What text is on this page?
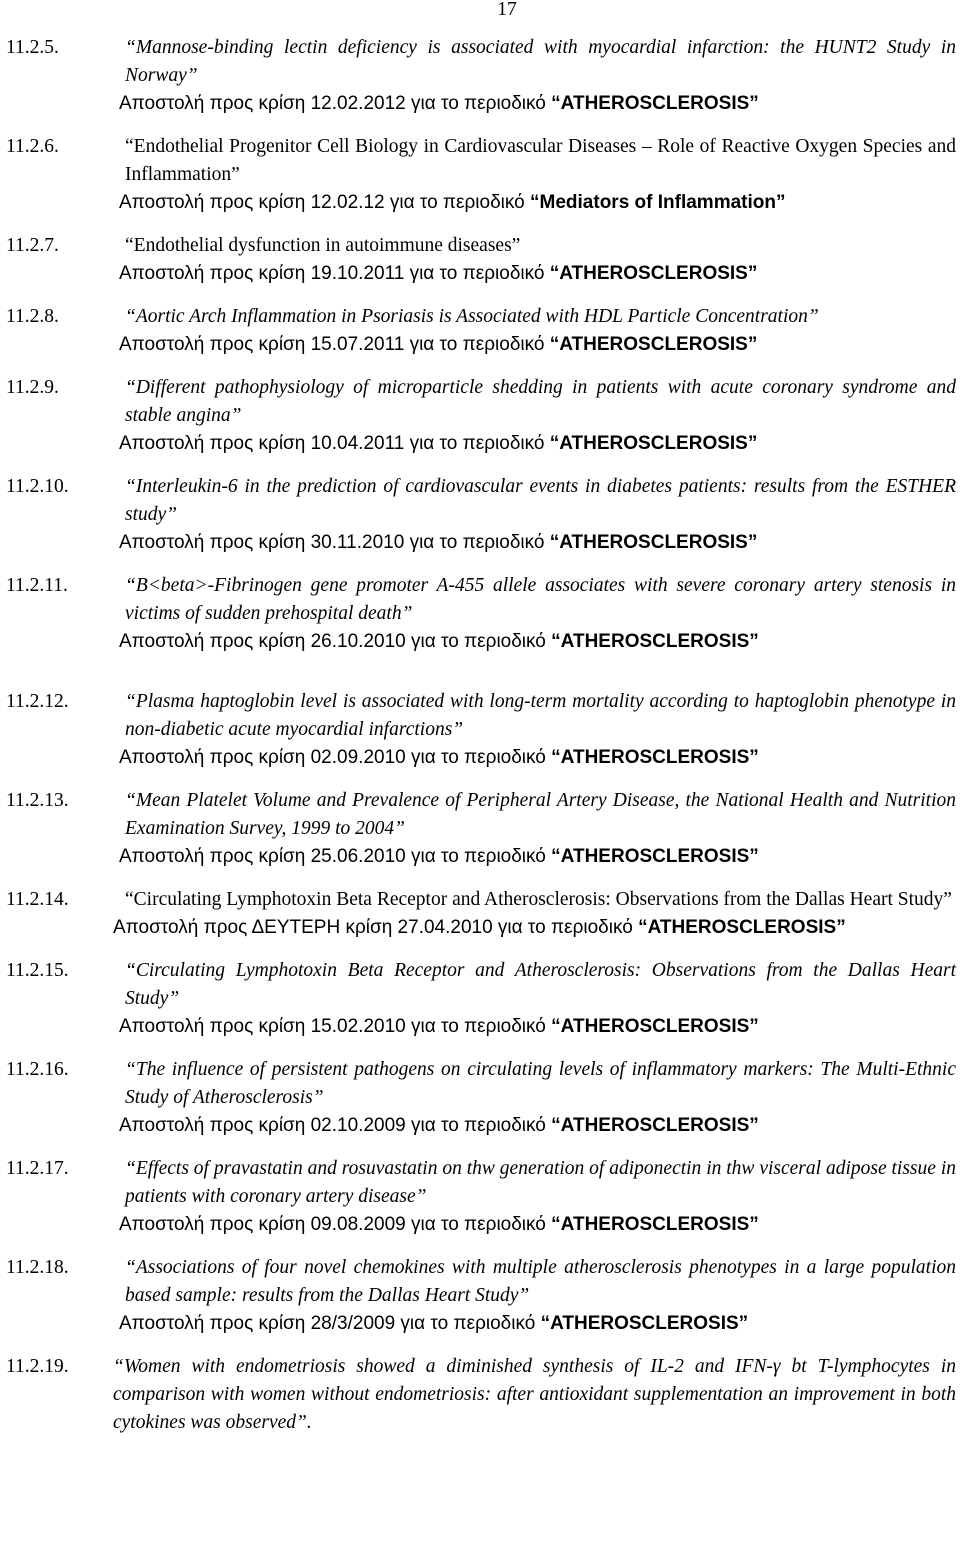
17
11.2.5.	“Mannose-binding lectin deficiency is associated with myocardial infarction: the HUNT2 Study in Norway”
Αποστολή προς κρίση 12.02.2012 για το περιοδικό “ATHEROSCLEROSIS”
11.2.6.	“Endothelial Progenitor Cell Biology in Cardiovascular Diseases – Role of Reactive Oxygen Species and Inflammation”
Αποστολή προς κρίση 12.02.12 για το περιοδικό “Mediators of Inflammation”
11.2.7.	“Endothelial dysfunction in autoimmune diseases”
Αποστολή προς κρίση 19.10.2011 για το περιοδικό “ATHEROSCLEROSIS”
11.2.8.	“Aortic Arch Inflammation in Psoriasis is Associated with HDL Particle Concentration”
Αποστολή προς κρίση 15.07.2011 για το περιοδικό “ATHEROSCLEROSIS”
11.2.9.	“Different pathophysiology of microparticle shedding in patients with acute coronary syndrome and stable angina”
Αποστολή προς κρίση 10.04.2011 για το περιοδικό “ATHEROSCLEROSIS”
11.2.10.	“Interleukin-6 in the prediction of cardiovascular events in diabetes patients: results from the ESTHER study”
Αποστολή προς κρίση 30.11.2010 για το περιοδικό “ATHEROSCLEROSIS”
11.2.11.	“B<beta>-Fibrinogen gene promoter A-455 allele associates with severe coronary artery stenosis in victims of sudden prehospital death”
Αποστολή προς κρίση 26.10.2010 για το περιοδικό “ATHEROSCLEROSIS”
11.2.12.	“Plasma haptoglobin level is associated with long-term mortality according to haptoglobin phenotype in non-diabetic acute myocardial infarctions”
Αποστολή προς κρίση 02.09.2010 για το περιοδικό “ATHEROSCLEROSIS”
11.2.13.	“Mean Platelet Volume and Prevalence of Peripheral Artery Disease, the National Health and Nutrition Examination Survey, 1999 to 2004”
Αποστολή προς κρίση 25.06.2010 για το περιοδικό “ATHEROSCLEROSIS”
11.2.14.	“Circulating Lymphotoxin Beta Receptor and Atherosclerosis: Observations from the Dallas Heart Study”
Αποστολή προς ΔΕΥΤΕΡΗ κρίση 27.04.2010 για το περιοδικό “ATHEROSCLEROSIS”
11.2.15.	“Circulating Lymphotoxin Beta Receptor and Atherosclerosis: Observations from the Dallas Heart Study”
Αποστολή προς κρίση 15.02.2010 για το περιοδικό “ATHEROSCLEROSIS”
11.2.16.	“The influence of persistent pathogens on circulating levels of inflammatory markers: The Multi-Ethnic Study of Atherosclerosis”
Αποστολή προς κρίση 02.10.2009 για το περιοδικό “ATHEROSCLEROSIS”
11.2.17.	“Effects of pravastatin and rosuvastatin on thw generation of adiponectin in thw visceral adipose tissue in patients with coronary artery disease”
Αποστολή προς κρίση 09.08.2009 για το περιοδικό “ATHEROSCLEROSIS”
11.2.18.	“Associations of four novel chemokines with multiple atherosclerosis phenotypes in a large population based sample: results from the Dallas Heart Study”
Αποστολή προς κρίση 28/3/2009 για το περιοδικό “ATHEROSCLEROSIS”
11.2.19.	“Women with endometriosis showed a diminished synthesis of IL-2 and IFN-γ bt T-lymphocytes in comparison with women without endometriosis: after antioxidant supplementation an improvement in both cytokines was observed”.
